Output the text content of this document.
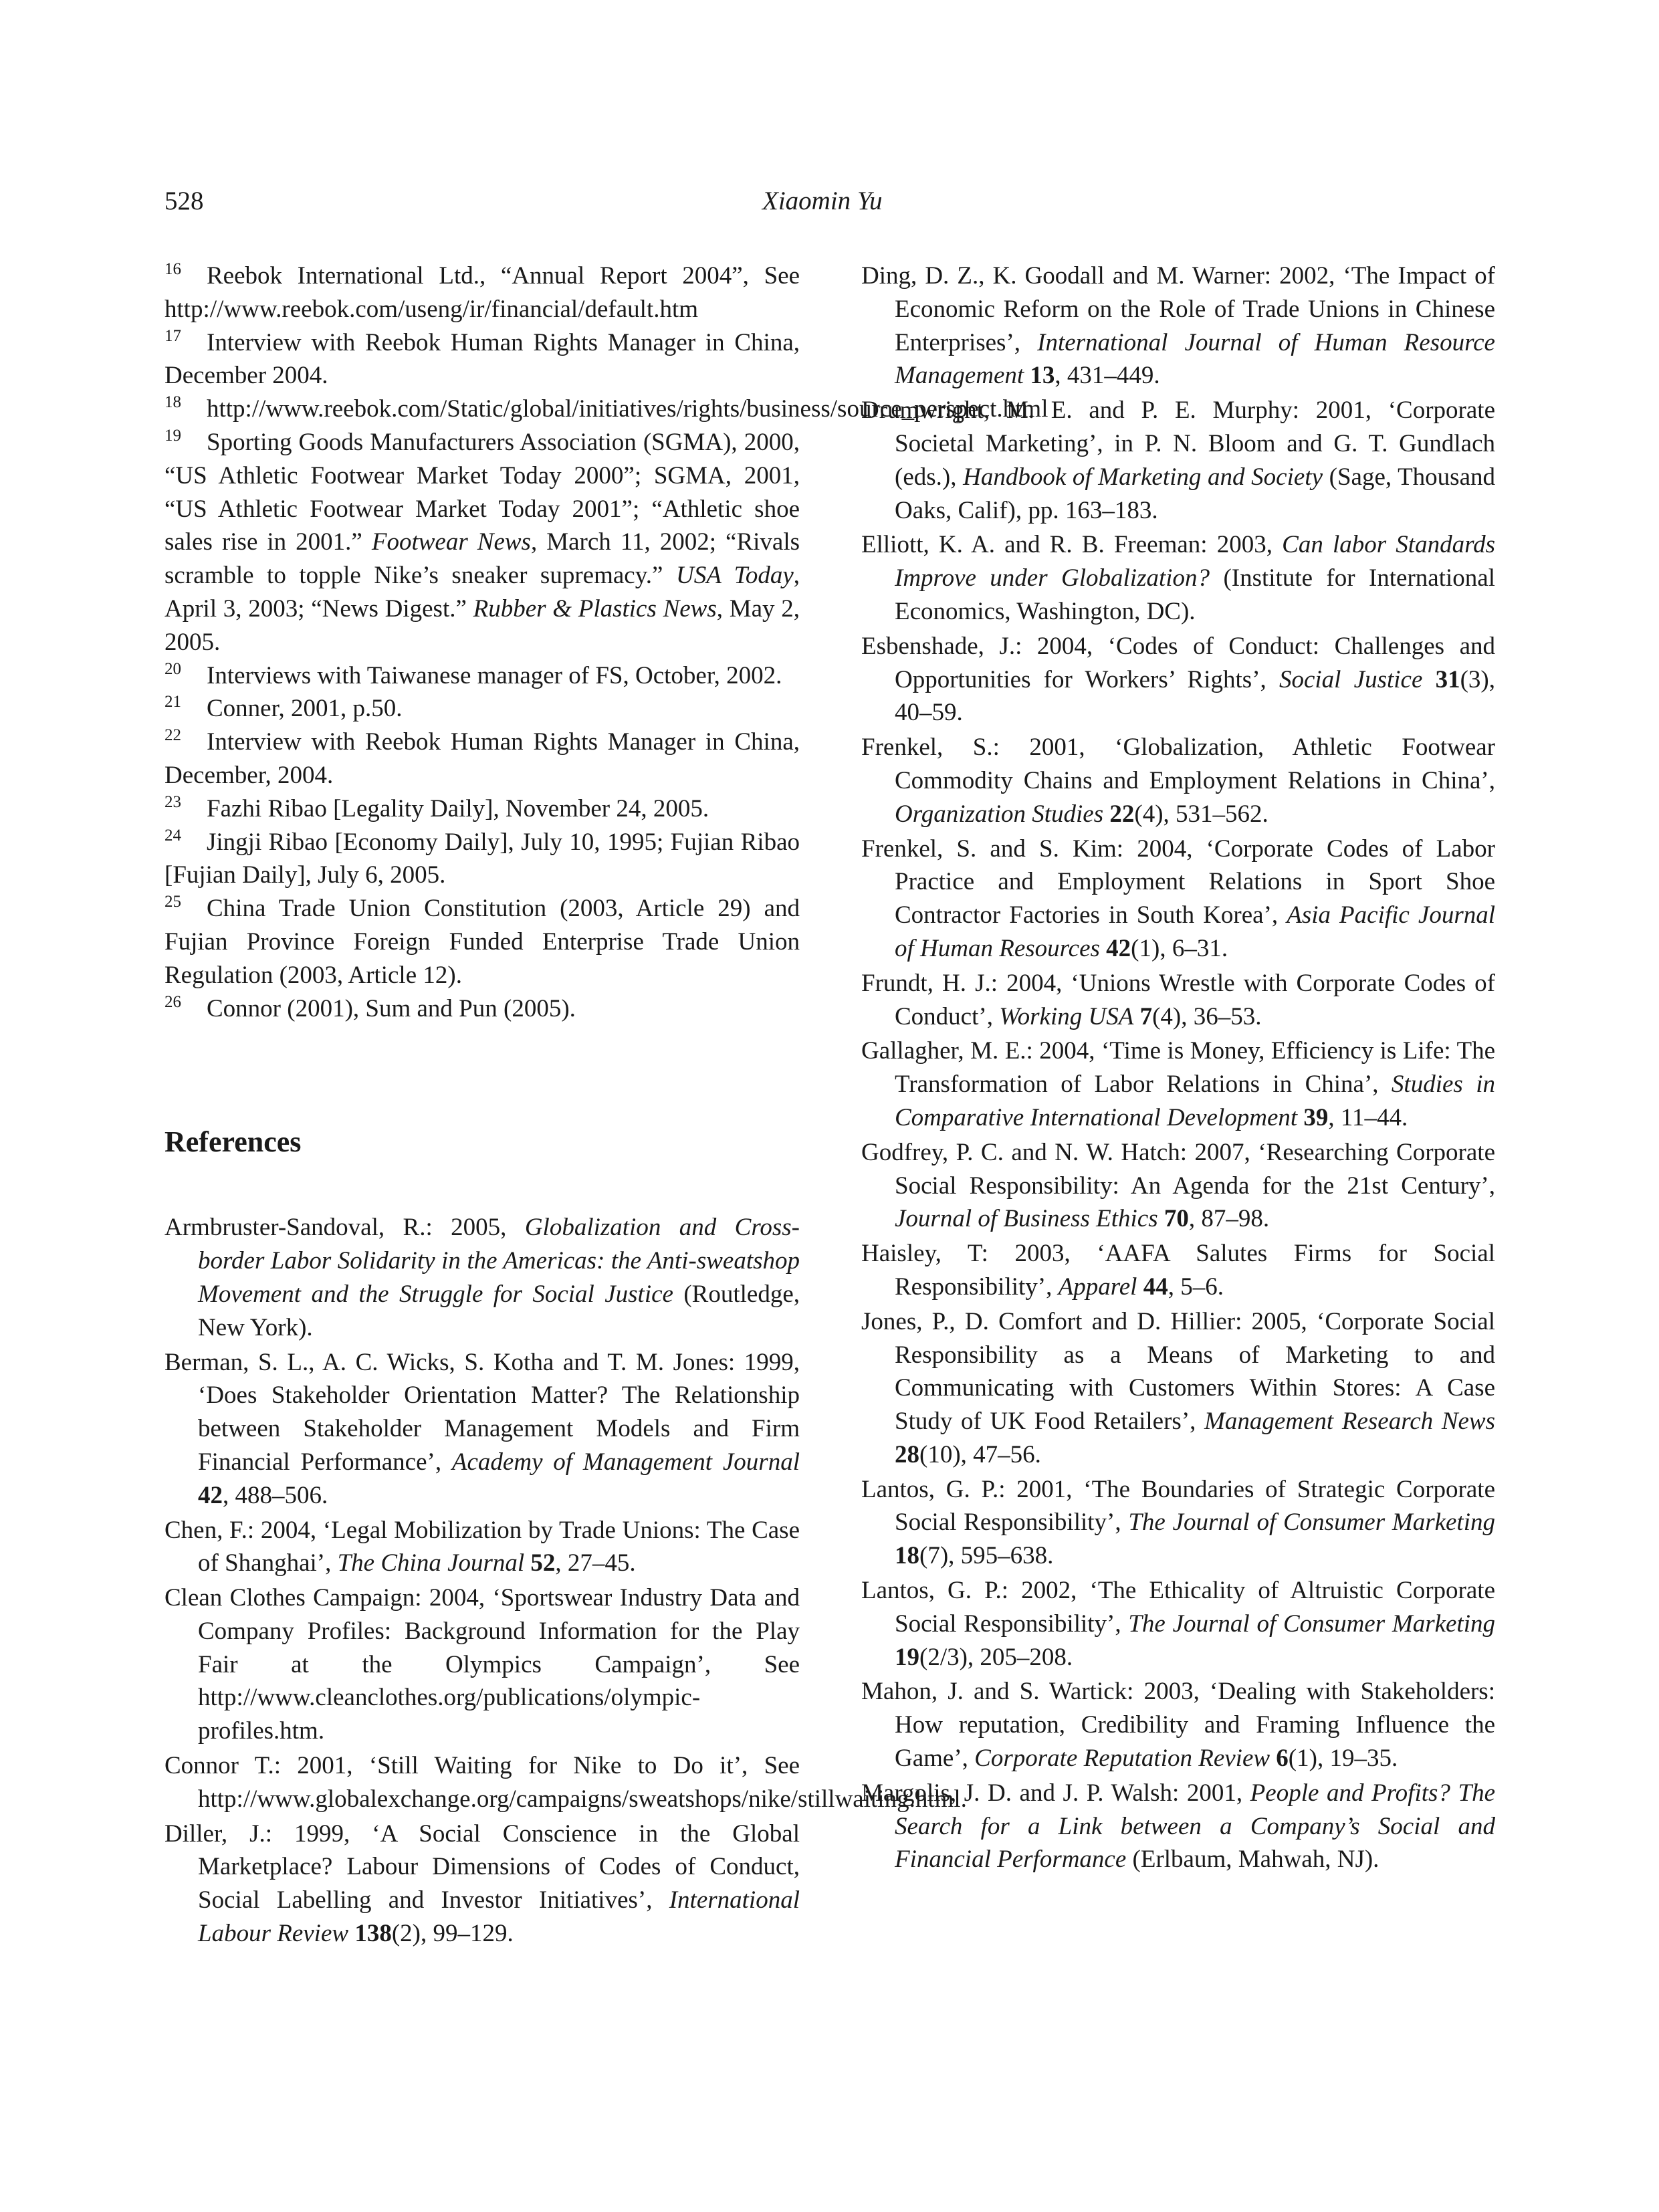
528	Xiaomin Yu

$^{16}$ Reebok International Ltd., “Annual Report 2004”, See http://www.reebok.com/useng/ir/financial/default.htm

$^{17}$ Interview with Reebok Human Rights Manager in China, December 2004.

$^{18}$ http://www.reebok.com/Static/global/initiatives/rights/business/source_perspect.html

$^{19}$ Sporting Goods Manufacturers Association (SGMA), 2000, “US Athletic Footwear Market Today 2000”; SGMA, 2001, “US Athletic Footwear Market Today 2001”; “Athletic shoe sales rise in 2001.” Footwear News, March 11, 2002; “Rivals scramble to topple Nike’s sneaker supremacy.” USA Today, April 3, 2003; “News Digest.” Rubber & Plastics News, May 2, 2005.

$^{20}$ Interviews with Taiwanese manager of FS, October, 2002.

$^{21}$ Conner, 2001, p.50.

$^{22}$ Interview with Reebok Human Rights Manager in China, December, 2004.

$^{23}$ Fazhi Ribao [Legality Daily], November 24, 2005.

$^{24}$ Jingji Ribao [Economy Daily], July 10, 1995; Fujian Ribao [Fujian Daily], July 6, 2005.

$^{25}$ China Trade Union Constitution (2003, Article 29) and Fujian Province Foreign Funded Enterprise Trade Union Regulation (2003, Article 12).

$^{26}$ Connor (2001), Sum and Pun (2005).

References
Armbruster-Sandoval, R.: 2005, Globalization and Cross-border Labor Solidarity in the Americas: the Anti-sweatshop Movement and the Struggle for Social Justice (Routledge, New York).
Berman, S. L., A. C. Wicks, S. Kotha and T. M. Jones: 1999, ‘Does Stakeholder Orientation Matter? The Relationship between Stakeholder Management Models and Firm Financial Performance’, Academy of Management Journal 42, 488–506.
Chen, F.: 2004, ‘Legal Mobilization by Trade Unions: The Case of Shanghai’, The China Journal 52, 27–45.
Clean Clothes Campaign: 2004, ‘Sportswear Industry Data and Company Profiles: Background Information for the Play Fair at the Olympics Campaign’, See http://www.cleanclothes.org/publications/olympic-profiles.htm.
Connor T.: 2001, ‘Still Waiting for Nike to Do it’, See http://www.globalexchange.org/campaigns/sweatshops/nike/stillwaiting.html.
Diller, J.: 1999, ‘A Social Conscience in the Global Marketplace? Labour Dimensions of Codes of Conduct, Social Labelling and Investor Initiatives’, International Labour Review 138(2), 99–129.
Ding, D. Z., K. Goodall and M. Warner: 2002, ‘The Impact of Economic Reform on the Role of Trade Unions in Chinese Enterprises’, International Journal of Human Resource Management 13, 431–449.
Drumwright, M. E. and P. E. Murphy: 2001, ‘Corporate Societal Marketing’, in P. N. Bloom and G. T. Gundlach (eds.), Handbook of Marketing and Society (Sage, Thousand Oaks, Calif), pp. 163–183.
Elliott, K. A. and R. B. Freeman: 2003, Can labor Standards Improve under Globalization? (Institute for International Economics, Washington, DC).
Esbenshade, J.: 2004, ‘Codes of Conduct: Challenges and Opportunities for Workers’ Rights’, Social Justice 31(3), 40–59.
Frenkel, S.: 2001, ‘Globalization, Athletic Footwear Commodity Chains and Employment Relations in China’, Organization Studies 22(4), 531–562.
Frenkel, S. and S. Kim: 2004, ‘Corporate Codes of Labor Practice and Employment Relations in Sport Shoe Contractor Factories in South Korea’, Asia Pacific Journal of Human Resources 42(1), 6–31.
Frundt, H. J.: 2004, ‘Unions Wrestle with Corporate Codes of Conduct’, Working USA 7(4), 36–53.
Gallagher, M. E.: 2004, ‘Time is Money, Efficiency is Life: The Transformation of Labor Relations in China’, Studies in Comparative International Development 39, 11–44.
Godfrey, P. C. and N. W. Hatch: 2007, ‘Researching Corporate Social Responsibility: An Agenda for the 21st Century’, Journal of Business Ethics 70, 87–98.
Haisley, T: 2003, ‘AAFA Salutes Firms for Social Responsibility’, Apparel 44, 5–6.
Jones, P., D. Comfort and D. Hillier: 2005, ‘Corporate Social Responsibility as a Means of Marketing to and Communicating with Customers Within Stores: A Case Study of UK Food Retailers’, Management Research News 28(10), 47–56.
Lantos, G. P.: 2001, ‘The Boundaries of Strategic Corporate Social Responsibility’, The Journal of Consumer Marketing 18(7), 595–638.
Lantos, G. P.: 2002, ‘The Ethicality of Altruistic Corporate Social Responsibility’, The Journal of Consumer Marketing 19(2/3), 205–208.
Mahon, J. and S. Wartick: 2003, ‘Dealing with Stakeholders: How reputation, Credibility and Framing Influence the Game’, Corporate Reputation Review 6(1), 19–35.
Margolis, J. D. and J. P. Walsh: 2001, People and Profits? The Search for a Link between a Company’s Social and Financial Performance (Erlbaum, Mahwah, NJ).
